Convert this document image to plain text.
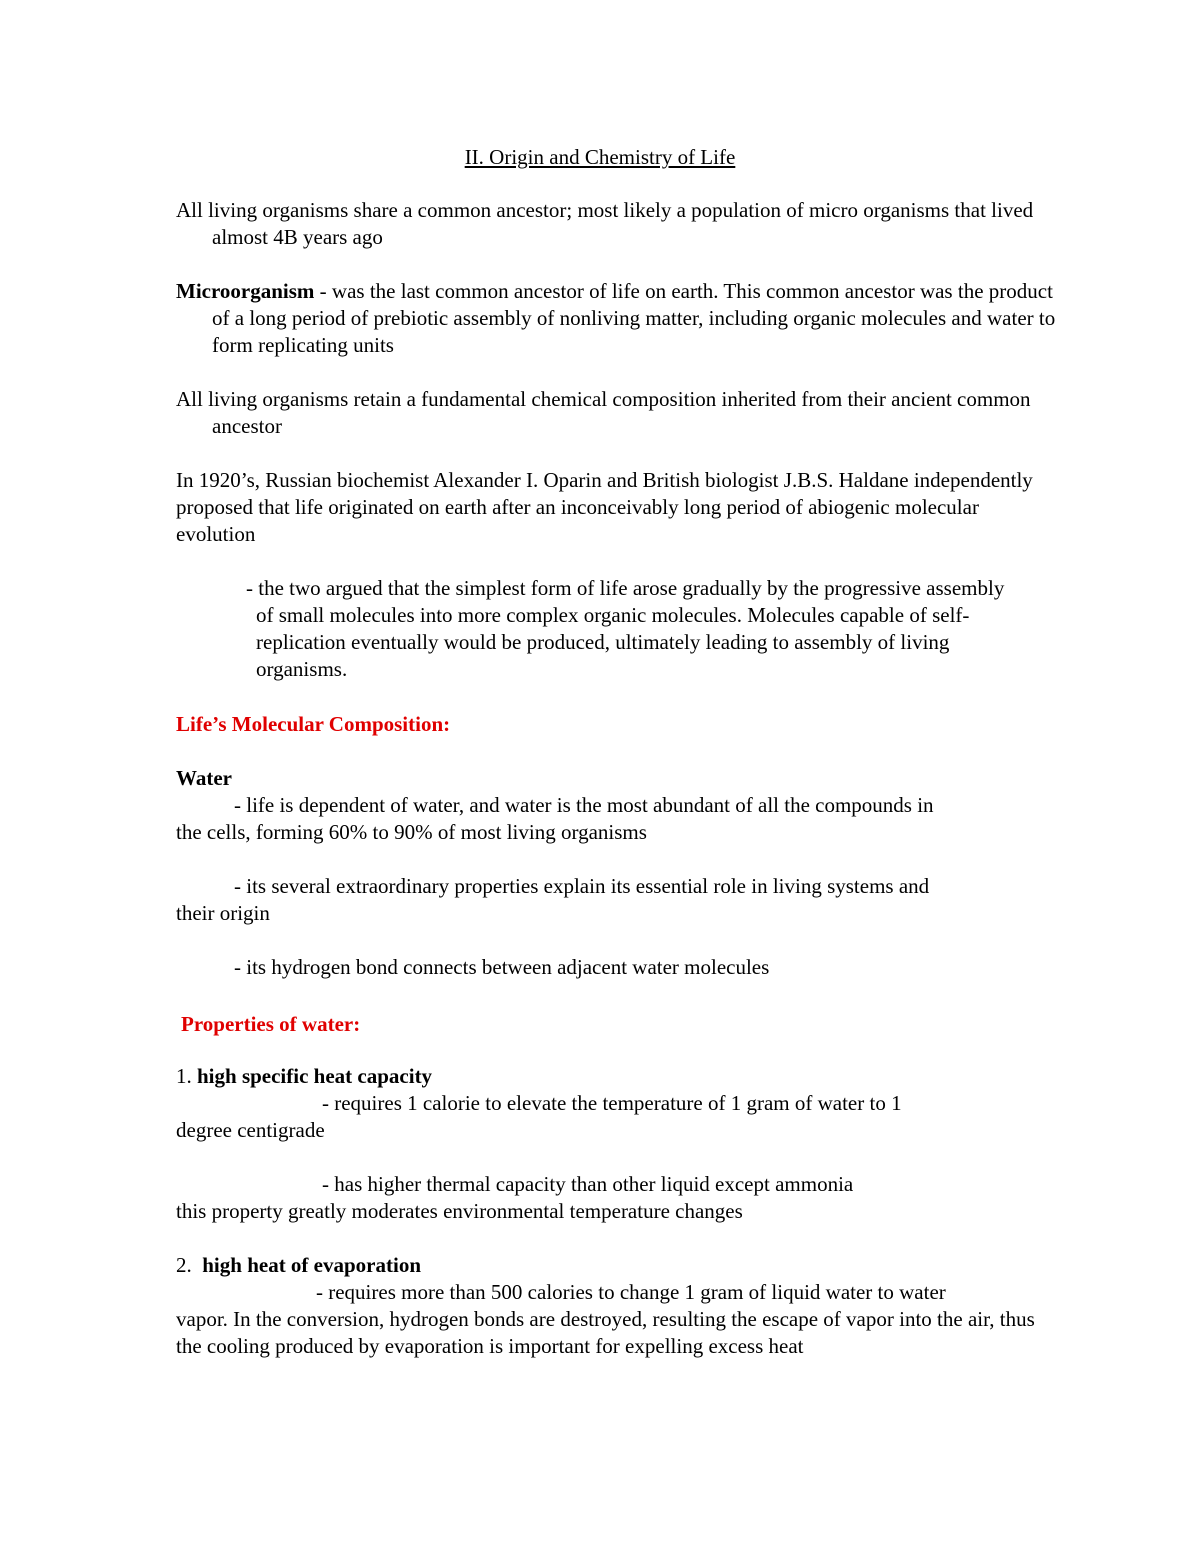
II. Origin and Chemistry of Life

All living organisms share a common ancestor; most likely a population of micro organisms that lived almost 4B years ago

Microorganism - was the last common ancestor of life on earth. This common ancestor was the product of a long period of prebiotic assembly of nonliving matter, including organic molecules and water to form replicating units

All living organisms retain a fundamental chemical composition inherited from their ancient common ancestor

In 1920’s, Russian biochemist Alexander I. Oparin and British biologist J.B.S. Haldane independently proposed that life originated on earth after an inconceivably long period of abiogenic molecular evolution

- the two argued that the simplest form of life arose gradually by the progressive assembly of small molecules into more complex organic molecules. Molecules capable of self-replication eventually would be produced, ultimately leading to assembly of living organisms.

Life’s Molecular Composition:

Water

- life is dependent of water, and water is the most abundant of all the compounds in

the cells, forming 60% to 90% of most living organisms

- its several extraordinary properties explain its essential role in living systems and

their origin

- its hydrogen bond connects between adjacent water molecules

Properties of water:

1. high specific heat capacity

- requires 1 calorie to elevate the temperature of 1 gram of water to 1

degree centigrade

- has higher thermal capacity than other liquid except ammonia

this property greatly moderates environmental temperature changes

2.  high heat of evaporation

- requires more than 500 calories to change 1 gram of liquid water to water

vapor. In the conversion, hydrogen bonds are destroyed, resulting the escape of vapor into the air, thus the cooling produced by evaporation is important for expelling excess heat
